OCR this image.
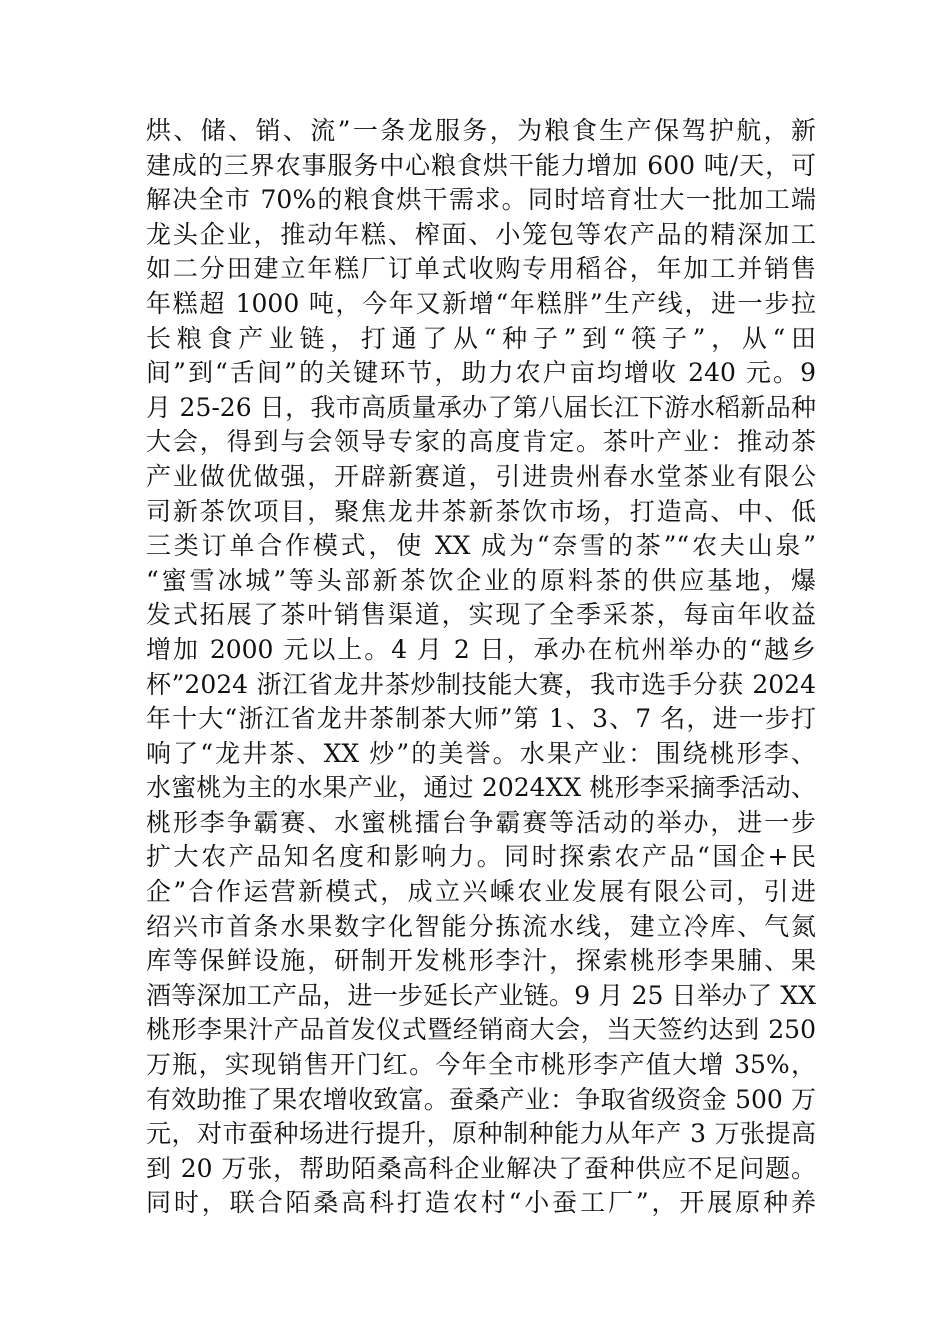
烘、储、销、流”一条龙服务，为粮食生产保驾护航，新
建成的三界农事服务中心粮食烘干能力增加 600 吨/天，可
解决全市 70%的粮食烘干需求。同时培育壮大一批加工端
龙头企业，推动年糕、榨面、小笼包等农产品的精深加工
如二分田建立年糕厂订单式收购专用稻谷，年加工并销售
年糕超 1000 吨，今年又新增“年糕胖”生产线，进一步拉
长粮食产业链，打通了从“种子”到“筷子”，从“田
间”到“舌间”的关键环节，助力农户亩均增收 240 元。9
月 25-26 日，我市高质量承办了第八届长江下游水稻新品种
大会，得到与会领导专家的高度肯定。茶叶产业：推动茶
产业做优做强，开辟新赛道，引进贵州春水堂茶业有限公
司新茶饮项目，聚焦龙井茶新茶饮市场，打造高、中、低
三类订单合作模式，使 XX 成为“奈雪的茶”“农夫山泉”
“蜜雪冰城”等头部新茶饮企业的原料茶的供应基地，爆
发式拓展了茶叶销售渠道，实现了全季采茶，每亩年收益
增加 2000 元以上。4 月 2 日，承办在杭州举办的“越乡
杯”2024 浙江省龙井茶炒制技能大赛，我市选手分获 2024
年十大“浙江省龙井茶制茶大师”第 1、3、7 名，进一步打
响了“龙井茶、XX 炒”的美誉。水果产业：围绕桃形李、
水蜜桃为主的水果产业，通过 2024XX 桃形李采摘季活动、
桃形李争霸赛、水蜜桃擂台争霸赛等活动的举办，进一步
扩大农产品知名度和影响力。同时探索农产品“国企+民
企”合作运营新模式，成立兴嵊农业发展有限公司，引进
绍兴市首条水果数字化智能分拣流水线，建立冷库、气氮
库等保鲜设施，研制开发桃形李汁，探索桃形李果脯、果
酒等深加工产品，进一步延长产业链。9 月 25 日举办了 XX
桃形李果汁产品首发仪式暨经销商大会，当天签约达到 250
万瓶，实现销售开门红。今年全市桃形李产值大增 35%，
有效助推了果农增收致富。蚕桑产业：争取省级资金 500 万
元，对市蚕种场进行提升，原种制种能力从年产 3 万张提高
到 20 万张，帮助陌桑高科企业解决了蚕种供应不足问题。
同时，联合陌桑高科打造农村“小蚕工厂”，开展原种养
